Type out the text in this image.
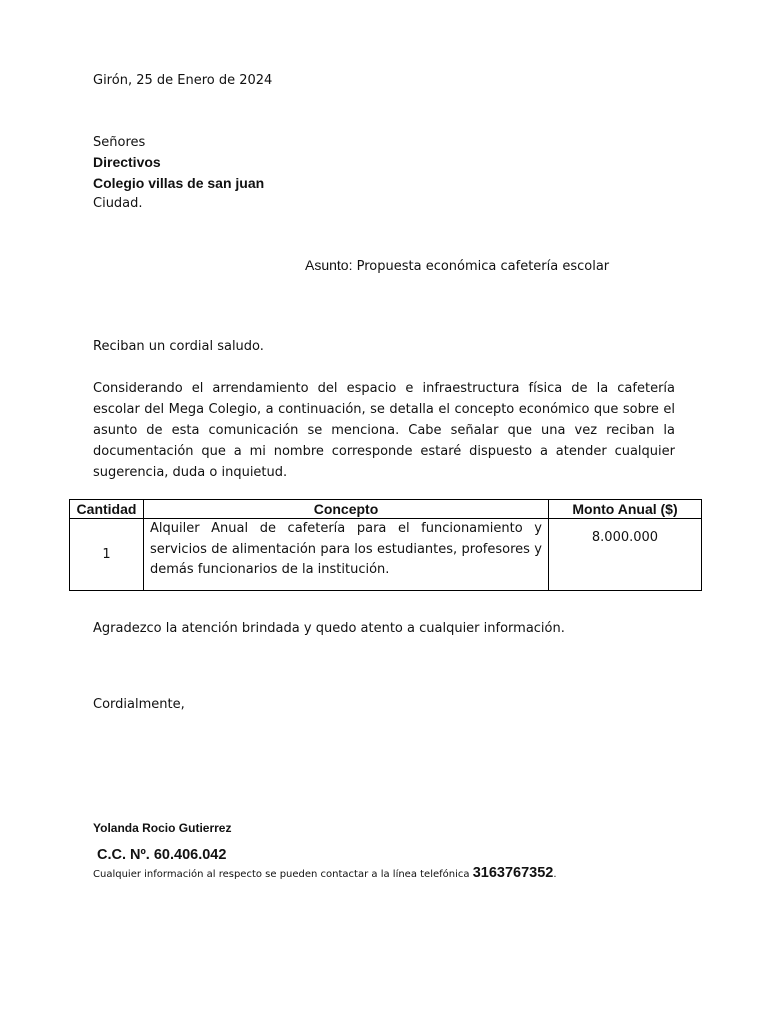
Girón, 25 de Enero de 2024

Señores

Directivos

Colegio villas de san juan

Ciudad.

Asunto: Propuesta económica cafetería escolar

Reciban un cordial saludo.

Considerando el arrendamiento del espacio e infraestructura física de la cafetería escolar del Mega Colegio, a continuación, se detalla el concepto económico que sobre el asunto de esta comunicación se menciona. Cabe señalar que una vez reciban la documentación que a mi nombre corresponde estaré dispuesto a atender cualquier sugerencia, duda o inquietud.

Cantidad	Concepto	Monto Anual ($)
1	Alquiler Anual de cafetería para el funcionamiento y servicios de alimentación para los estudiantes, profesores y demás funcionarios de la institución.	8.000.000

Agradezco la atención brindada y quedo atento a cualquier información.

Cordialmente,

Yolanda Rocio Gutierrez

C.C. Nº. 60.406.042

Cualquier información al respecto se pueden contactar a la línea telefónica 3163767352.
